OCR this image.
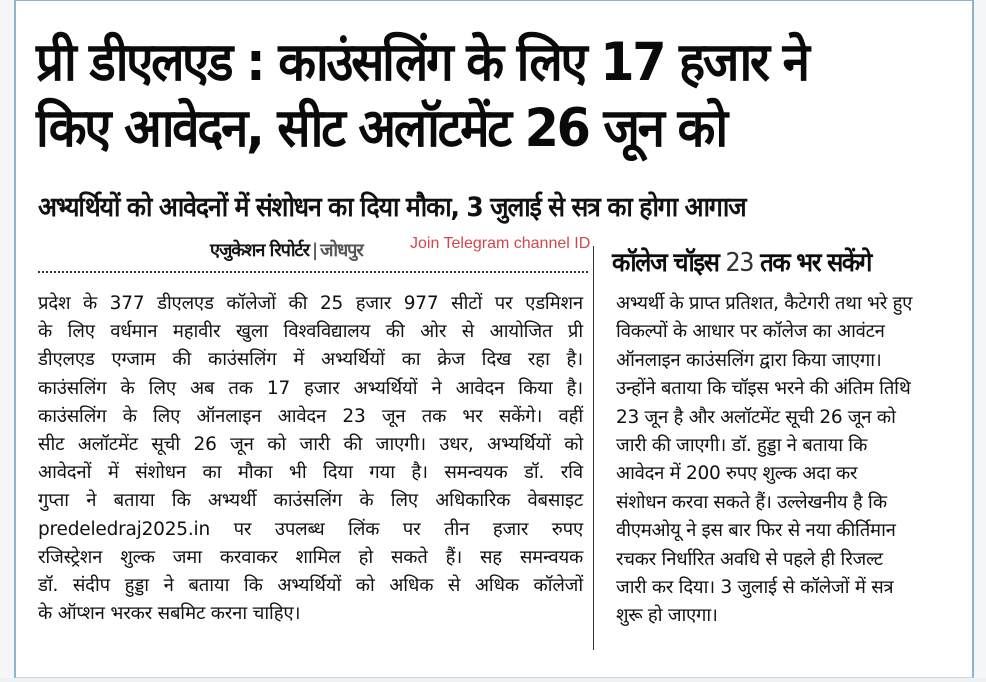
प्री डीएलएड : काउंसलिंग के लिए 17 हजार ने
किए आवेदन, सीट अलॉटमेंट 26 जून को
अभ्यर्थियों को आवेदनों में संशोधन का दिया मौका, 3 जुलाई से सत्र का होगा आगाज
एजुकेशन रिपोर्टर | जोधपुर	Join Telegram channel ID
कॉलेज चॉइस 23 तक भर सकेंगे
प्रदेश के 377 डीएलएड कॉलेजों की 25 हजार 977 सीटों पर एडमिशन
के लिए वर्धमान महावीर खुला विश्वविद्यालय की ओर से आयोजित प्री
डीएलएड एग्जाम की काउंसलिंग में अभ्यर्थियों का क्रेज दिख रहा है।
काउंसलिंग के लिए अब तक 17 हजार अभ्यर्थियों ने आवेदन किया है।
काउंसलिंग के लिए ऑनलाइन आवेदन 23 जून तक भर सकेंगे। वहीं
सीट अलॉटमेंट सूची 26 जून को जारी की जाएगी। उधर, अभ्यर्थियों को
आवेदनों में संशोधन का मौका भी दिया गया है। समन्वयक डॉ. रवि
गुप्ता ने बताया कि अभ्यर्थी काउंसलिंग के लिए अधिकारिक वेबसाइट
predeledraj2025.in पर उपलब्ध लिंक पर तीन हजार रुपए
रजिस्ट्रेशन शुल्क जमा करवाकर शामिल हो सकते हैं। सह समन्वयक
डॉ. संदीप हुड्डा ने बताया कि अभ्यर्थियों को अधिक से अधिक कॉलेजों
के ऑप्शन भरकर सबमिट करना चाहिए।
अभ्यर्थी के प्राप्त प्रतिशत, कैटेगरी तथा भरे हुए
विकल्पों के आधार पर कॉलेज का आवंटन
ऑनलाइन काउंसलिंग द्वारा किया जाएगा।
उन्होंने बताया कि चॉइस भरने की अंतिम तिथि
23 जून है और अलॉटमेंट सूची 26 जून को
जारी की जाएगी। डॉ. हुड्डा ने बताया कि
आवेदन में 200 रुपए शुल्क अदा कर
संशोधन करवा सकते हैं। उल्लेखनीय है कि
वीएमओयू ने इस बार फिर से नया कीर्तिमान
रचकर निर्धारित अवधि से पहले ही रिजल्ट
जारी कर दिया। 3 जुलाई से कॉलेजों में सत्र
शुरू हो जाएगा।
